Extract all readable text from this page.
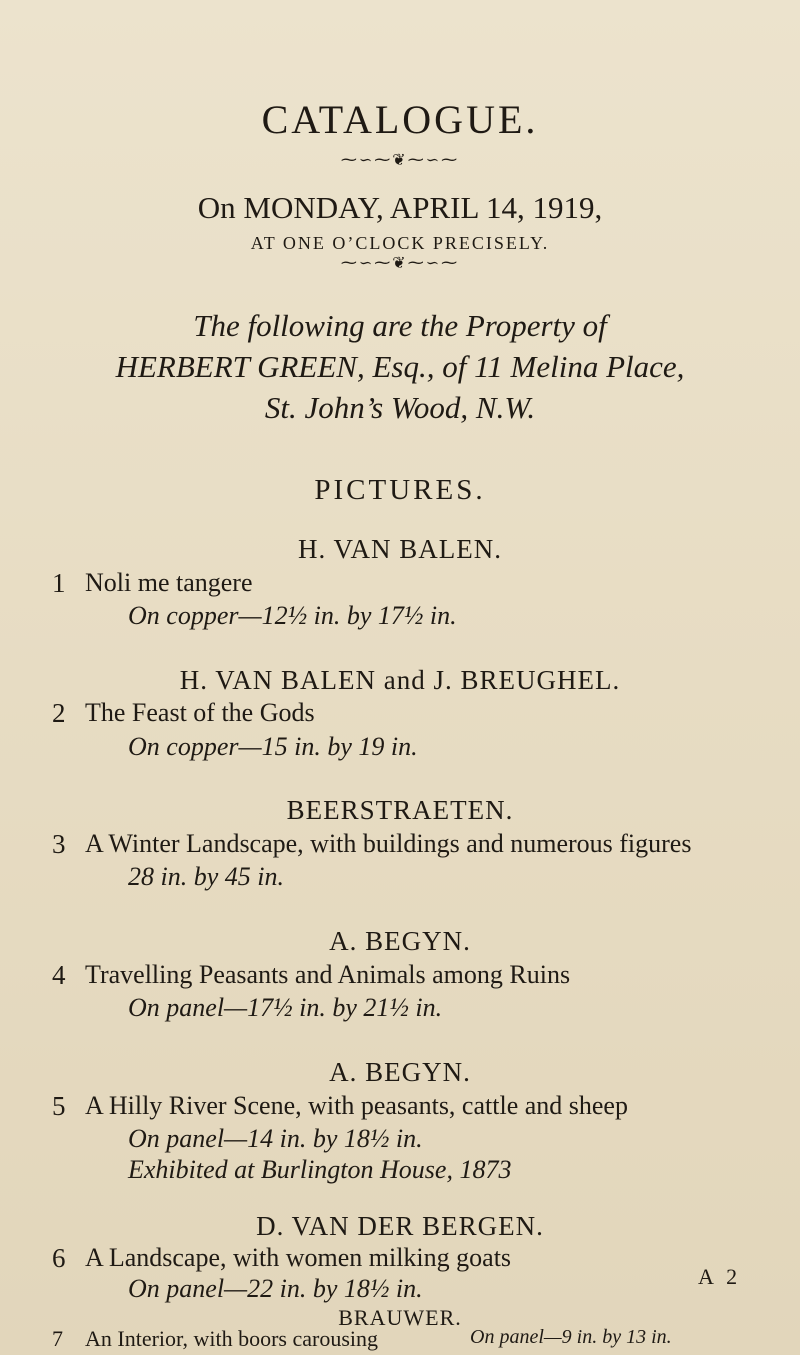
CATALOGUE.
⁓∽⁓❦⁓∽⁓
On MONDAY, APRIL 14, 1919,
AT ONE O’CLOCK PRECISELY.
⁓∽⁓❦⁓∽⁓
The following are the Property of
HERBERT GREEN, Esq., of 11 Melina Place,
St. John’s Wood, N.W.
PICTURES.
H. VAN BALEN.
1 Noli me tangere
On copper—12½ in. by 17½ in.
H. VAN BALEN and J. BREUGHEL.
2 The Feast of the Gods
On copper—15 in. by 19 in.
BEERSTRAETEN.
3 A Winter Landscape, with buildings and numerous figures
28 in. by 45 in.
A. BEGYN.
4 Travelling Peasants and Animals among Ruins
On panel—17½ in. by 21½ in.
A. BEGYN.
5 A Hilly River Scene, with peasants, cattle and sheep
On panel—14 in. by 18½ in.
Exhibited at Burlington House, 1873
D. VAN DER BERGEN.
6 A Landscape, with women milking goats
On panel—22 in. by 18½ in.
BRAUWER.
7 An Interior, with boors carousing	On panel—9 in. by 13 in.
A 2
